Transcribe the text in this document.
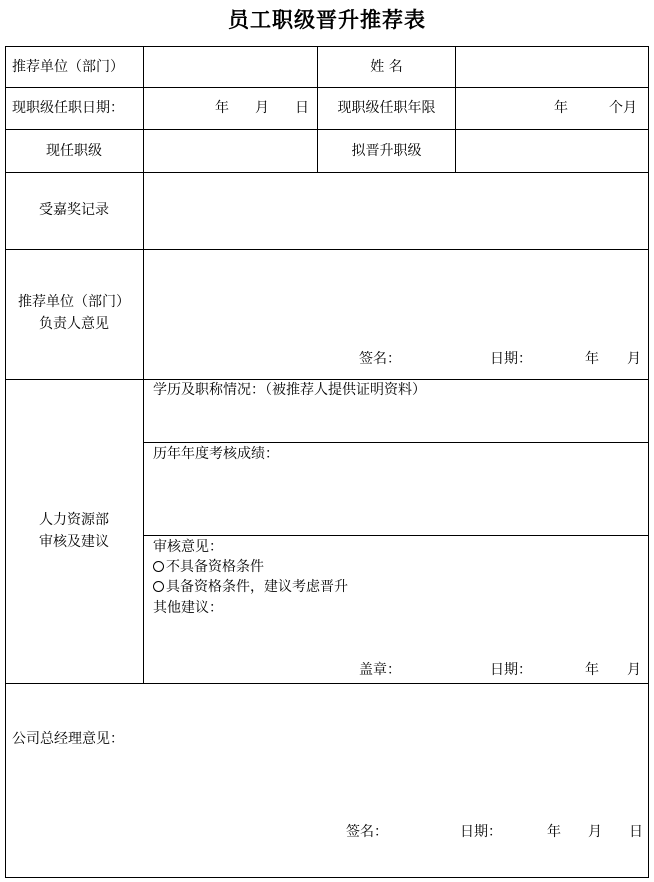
员工职级晋升推荐表
推荐单位（部门）	姓 名
现职级任职日期：	年 月 日	现职级任职年限	年	个月
现任职级	拟晋升职级
受嘉奖记录
推荐单位（部门）
负责人意见
签名：	日期：	年 月
人力资源部
审核及建议
学历及职称情况：（被推荐人提供证明资料）
历年年度考核成绩：
审核意见：
不具备资格条件
具备资格条件，建议考虑晋升
其他建议：
盖章：	日期：	年 月
公司总经理意见：
签名：	日期：	年 月 日
